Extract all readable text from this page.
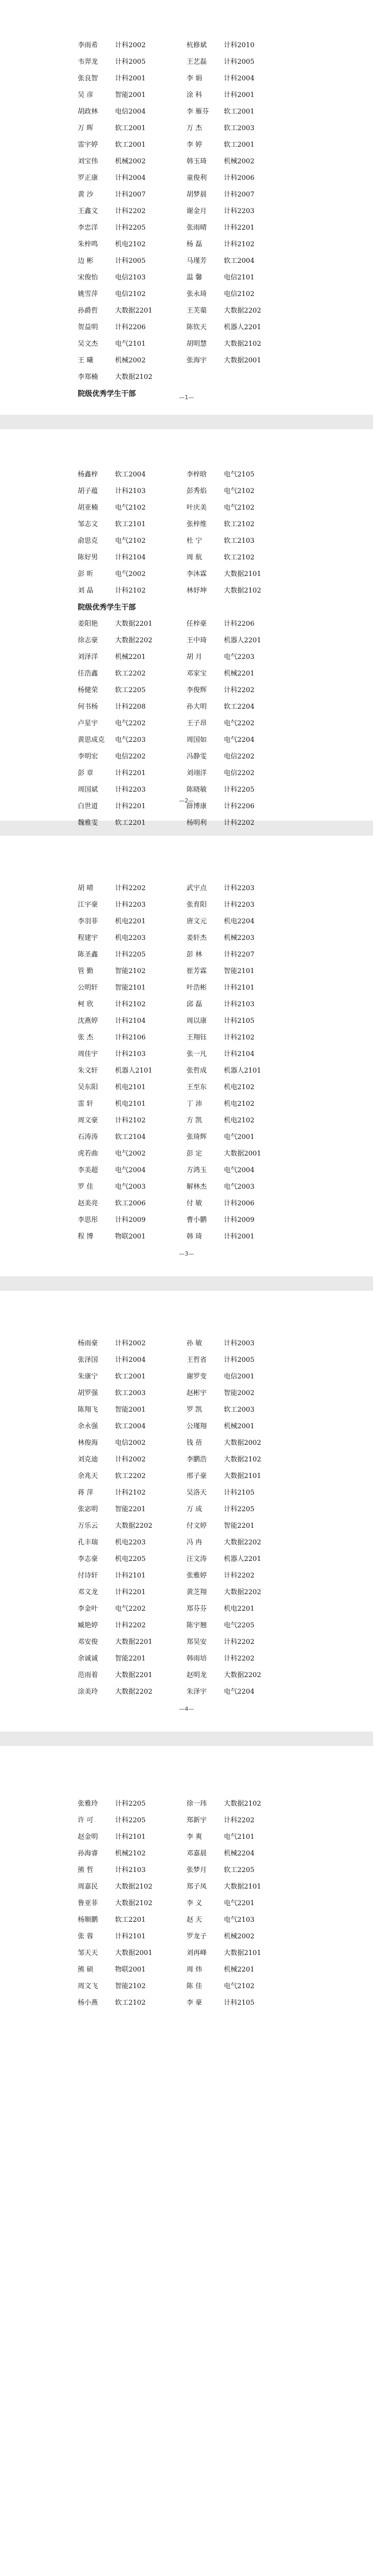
李雨希	计科2002	杭修斌	计科2010
韦羿龙	计科2005	王艺磊	计科2005
张良智	计科2001	李 娟	计科2004
吴 彦	智能2001	涂 科	计科2001
胡政林	电信2004	李 雁芬	软工2001
万 晖	软工2001	万 杰	软工2003
雷宇婷	软工2001	李 婷	软工2001
刘宝伟	机械2002	韩玉琦	机械2002
罗正康	计科2004	童俊利	计科2006
黄 沙	计科2007	胡梦晨	计科2007
王鑫文	计科2202	谢金月	计科2203
李忠洋	计科2205	张雨晴	计科2201
朱梓鸣	机电2102	杨 磊	计科2102
边 彬	计科2005	马瑾芳	软工2004
宋俊怡	电信2103	温 馨	电信2101
姚雪萍	电信2102	张永琦	电信2102
孙爵哲	大数据2201	王芙蕖	大数据2202
贺益明	计科2206	陈钦天	机器人2201
吴文杰	电气2101	胡明慧	大数据2102
王 曦	机械2002	张海宇	大数据2001
李郑楠	大数据2102
院级优秀学生干部	—1—
杨鑫梓	软工2004	李梓晗	电气2105
胡子蕴	计科2103	彭秀焰	电气2102
胡亚楠	电气2102	叶庆美	电气2102
邹志文	软工2101	张梓维	软工2102
俞思克	电气2102	杜 宁	软工2103
陈好男	计科2104	周 航	软工2102
彭 昕	电气2002	李沐霖	大数据2101
刘 晶	计科2102	林妤坤	大数据2102
院级优秀学生干部
姜阳艳	大数据2201	任梓豪	计科2206
徐志豪	大数据2202	王中琦	机器人2201
刘泽洋	机械2201	胡 月	电气2203
任浩鑫	软工2202	邓家宝	机械2201
杨健荣	软工2205	李俊辉	计科2202
何书杨	计科2208	孙大明	软工2204
卢星宇	电气2202	王子昂	电气2202
黄思成克	电气2203	周国如	电气2204
李明宏	电信2202	冯静雯	电信2202
彭 章	计科2201	刘翊洋	电信2202
周国斌	计科2203	陈晓敏	计科2205
白世道	计科2201	薛博康	计科2206
魏雅雯	软工2201	杨明利	计科2202
—2—
胡 晴	计科2202	武宇点	计科2203
江宇豪	计科2203	张育阳	计科2203
李羽菲	机电2201	唐文元	机电2204
程建宇	机电2203	姜轩杰	机械2203
陈圣鑫	计科2205	彭 林	计科2207
管 勤	智能2102	崔芳霖	智能2101
公明轩	智能2101	叶浩彬	计科2101
柯 欣	计科2102	邱 磊	计科2103
沈燕婷	计科2104	周以康	计科2105
张 杰	计科2106	王翔钰	计科2102
周佳宇	计科2103	张一凡	计科2104
朱文轩	机器人2101	张哲成	机器人2101
吴东阳	机电2101	王至东	机电2102
雷 轩	机电2101	丁 沛	机电2102
周文豪	计科2102	方 凯	机电2102
石涛涛	软工2104	张琦辉	电气2001
虎若曲	电气2002	彭 定	大数据2001
李美超	电气2004	方鸿玉	电气2004
罗 佳	电气2003	解林杰	电气2003
赵美亮	软工2006	付 敏	计科2006
李思彤	计科2009	曹小鹏	计科2009
程 博	物联2001	韩 琦	计科2001
—3—
杨雨豪	计科2002	孙 敏	计科2003
张泽国	计科2004	王哲省	计科2005
朱康宁	软工2001	谢罗变	电信2001
胡罗强	软工2003	赵彬宇	智能2002
陈翔飞	智能2001	罗 凯	软工2003
余永强	软工2004	公瑾翔	机械2001
林俊海	电信2002	钱 蓓	大数据2002
刘克迪	计科2002	李鹏浩	大数据2102
余兆天	软工2202	邢子豪	大数据2101
蒋 萍	计科2102	吴洛天	计科2105
张宓明	智能2201	万 成	计科2205
万乐云	大数据2202	付文婷	智能2201
孔丰瑞	机电2203	冯 冉	大数据2202
李志豪	机电2205	汪文涛	机器人2201
付诗轩	计科2101	张雅婷	计科2202
邓文龙	计科2201	黄芝翔	大数据2202
李金叶	电气2202	郑芬芬	机电2201
臧艳婷	计科2202	陈宇翘	电气2205
邓安俊	大数据2201	郑昊安	计科2202
余诚诚	智能2201	韩雨培	计科2202
范雨着	大数据2201	赵明龙	大数据2202
涂美玲	大数据2202	朱泽宇	电气2204
—4—
张雅玲	计科2205	徐一玮	大数据2102
许 可	计科2205	郑新宇	计科2202
赵金明	计科2101	李 爽	电气2101
孙海睿	机械2102	邓嘉晨	机械2204
熊 哲	计科2103	张梦月	软工2205
周嘉民	大数据2102	郑子凤	大数据2101
鲁亚菲	大数据2102	李 义	电气2201
杨顺鹏	软工2201	赵 天	电气2103
张 蓉	计科2101	罗龙子	机械2002
邹天天	大数据2001	刘再峰	大数据2101
熊 硕	物联2001	周 炜	机械2201
周文飞	智能2102	陈 佳	电气2102
杨小燕	软工2102	李 豪	计科2105
